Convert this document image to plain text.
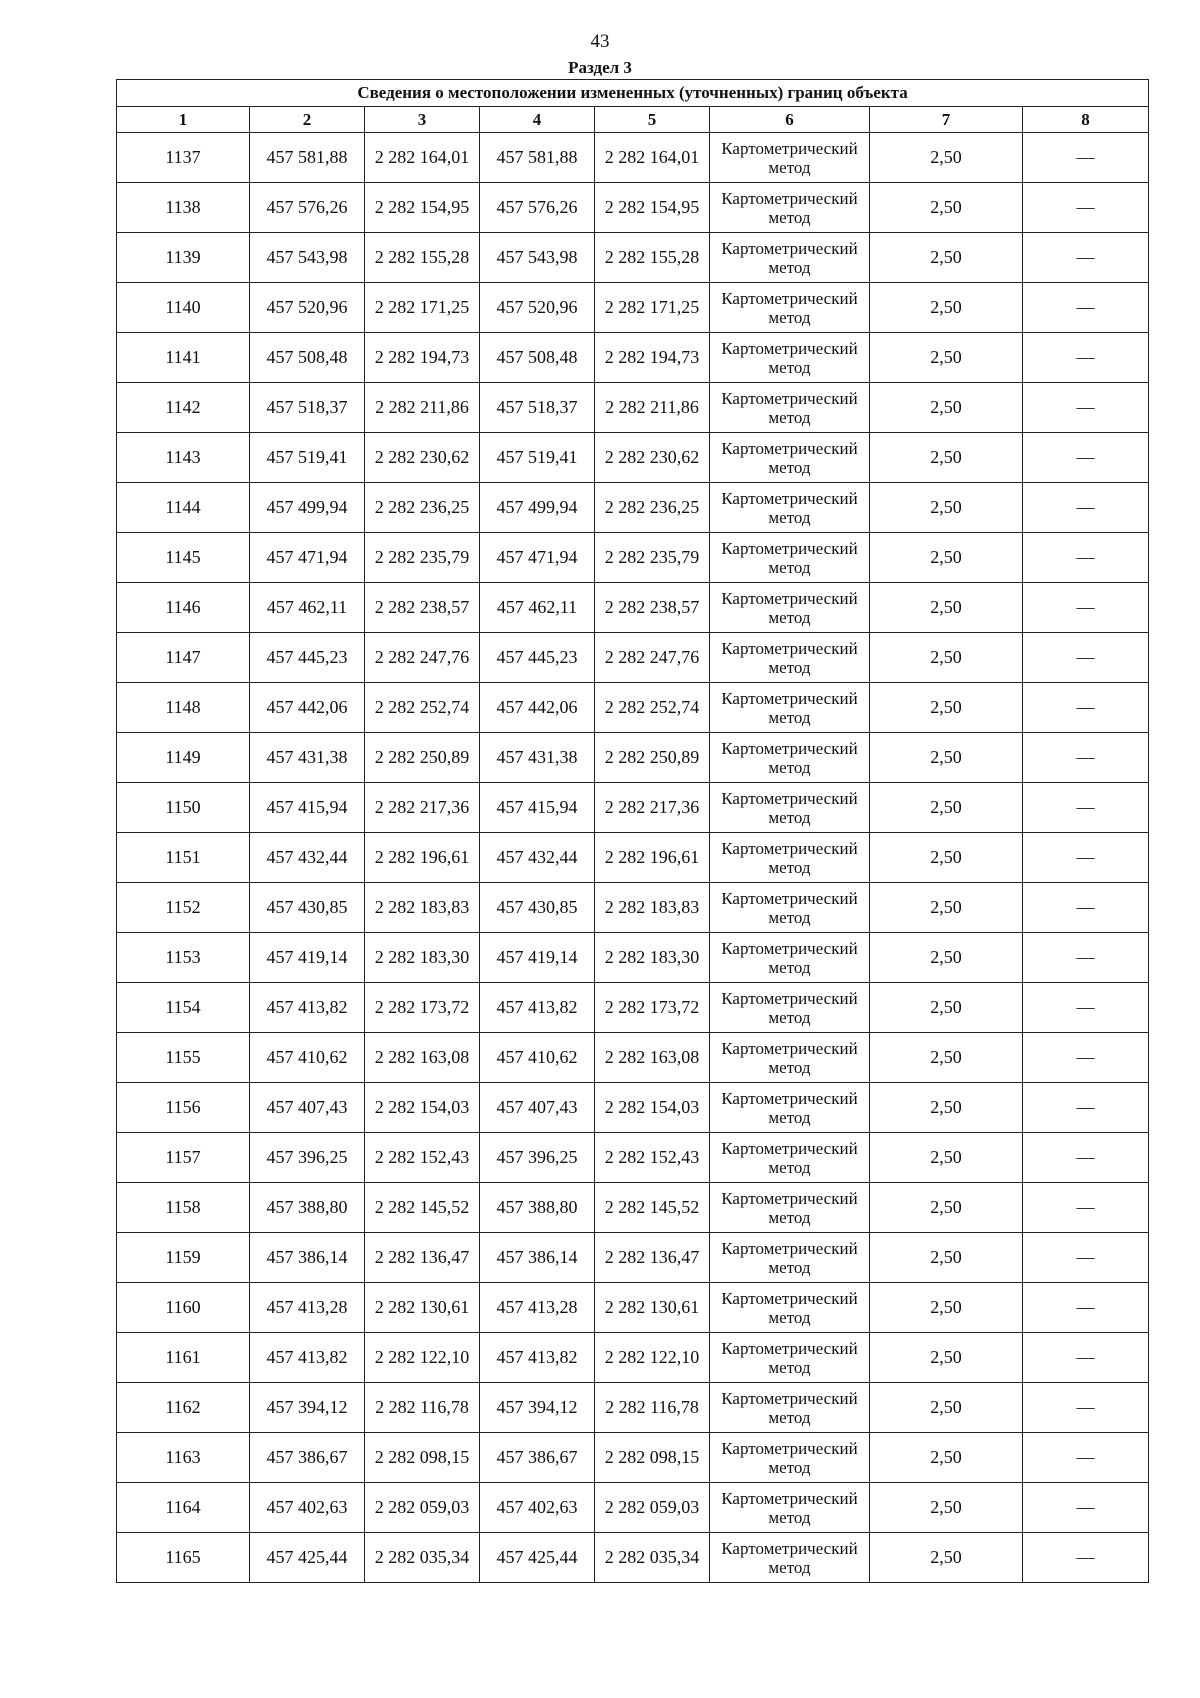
43
Раздел 3
Сведения о местоположении измененных (уточненных) границ объекта							
1	2	3	4	5	6	7	8
1137	457 581,88	2 282 164,01	457 581,88	2 282 164,01	Картометрический метод	2,50	—
1138	457 576,26	2 282 154,95	457 576,26	2 282 154,95	Картометрический метод	2,50	—
1139	457 543,98	2 282 155,28	457 543,98	2 282 155,28	Картометрический метод	2,50	—
1140	457 520,96	2 282 171,25	457 520,96	2 282 171,25	Картометрический метод	2,50	—
1141	457 508,48	2 282 194,73	457 508,48	2 282 194,73	Картометрический метод	2,50	—
1142	457 518,37	2 282 211,86	457 518,37	2 282 211,86	Картометрический метод	2,50	—
1143	457 519,41	2 282 230,62	457 519,41	2 282 230,62	Картометрический метод	2,50	—
1144	457 499,94	2 282 236,25	457 499,94	2 282 236,25	Картометрический метод	2,50	—
1145	457 471,94	2 282 235,79	457 471,94	2 282 235,79	Картометрический метод	2,50	—
1146	457 462,11	2 282 238,57	457 462,11	2 282 238,57	Картометрический метод	2,50	—
1147	457 445,23	2 282 247,76	457 445,23	2 282 247,76	Картометрический метод	2,50	—
1148	457 442,06	2 282 252,74	457 442,06	2 282 252,74	Картометрический метод	2,50	—
1149	457 431,38	2 282 250,89	457 431,38	2 282 250,89	Картометрический метод	2,50	—
1150	457 415,94	2 282 217,36	457 415,94	2 282 217,36	Картометрический метод	2,50	—
1151	457 432,44	2 282 196,61	457 432,44	2 282 196,61	Картометрический метод	2,50	—
1152	457 430,85	2 282 183,83	457 430,85	2 282 183,83	Картометрический метод	2,50	—
1153	457 419,14	2 282 183,30	457 419,14	2 282 183,30	Картометрический метод	2,50	—
1154	457 413,82	2 282 173,72	457 413,82	2 282 173,72	Картометрический метод	2,50	—
1155	457 410,62	2 282 163,08	457 410,62	2 282 163,08	Картометрический метод	2,50	—
1156	457 407,43	2 282 154,03	457 407,43	2 282 154,03	Картометрический метод	2,50	—
1157	457 396,25	2 282 152,43	457 396,25	2 282 152,43	Картометрический метод	2,50	—
1158	457 388,80	2 282 145,52	457 388,80	2 282 145,52	Картометрический метод	2,50	—
1159	457 386,14	2 282 136,47	457 386,14	2 282 136,47	Картометрический метод	2,50	—
1160	457 413,28	2 282 130,61	457 413,28	2 282 130,61	Картометрический метод	2,50	—
1161	457 413,82	2 282 122,10	457 413,82	2 282 122,10	Картометрический метод	2,50	—
1162	457 394,12	2 282 116,78	457 394,12	2 282 116,78	Картометрический метод	2,50	—
1163	457 386,67	2 282 098,15	457 386,67	2 282 098,15	Картометрический метод	2,50	—
1164	457 402,63	2 282 059,03	457 402,63	2 282 059,03	Картометрический метод	2,50	—
1165	457 425,44	2 282 035,34	457 425,44	2 282 035,34	Картометрический метод	2,50	—
